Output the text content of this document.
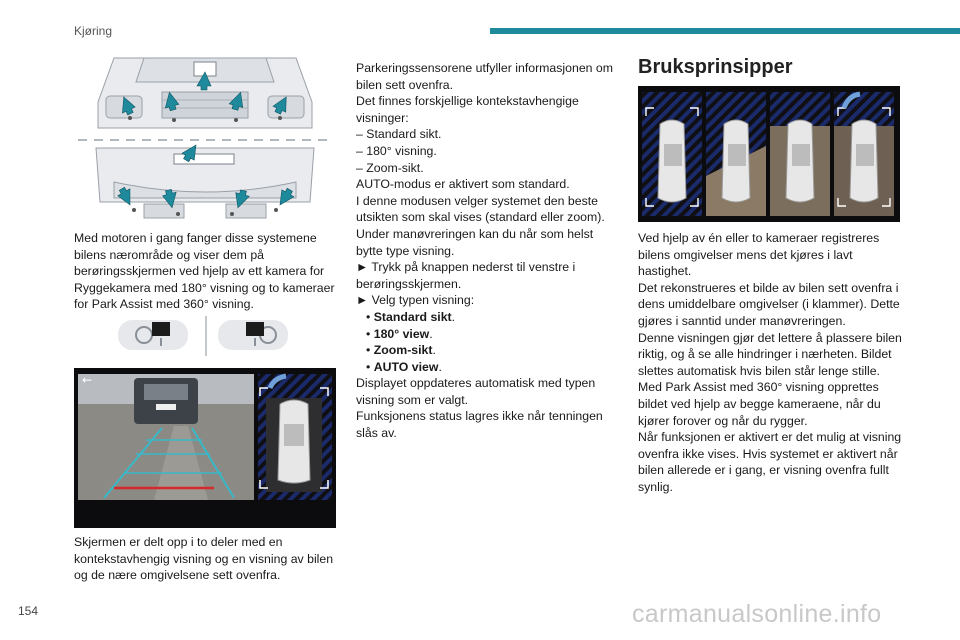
Kjøring

Med motoren i gang fanger disse systemene bilens nærområde og viser dem på berøringsskjermen ved hjelp av ett kamera for Ryggekamera med 180° visning og to kameraer for Park Assist med 360° visning.

←

Skjermen er delt opp i to deler med en kontekstavhengig visning og en visning av bilen og de nære omgivelsene sett ovenfra.

Parkeringssensorene utfyller informasjonen om bilen sett ovenfra.

Det finnes forskjellige kontekstavhengige visninger:

– Standard sikt.

– 180° visning.

– Zoom-sikt.

AUTO-modus er aktivert som standard.

I denne modusen velger systemet den beste utsikten som skal vises (standard eller zoom).

Under manøvreringen kan du når som helst bytte type visning.

► Trykk på knappen nederst til venstre i berøringsskjermen.

► Velg typen visning:

• Standard sikt.

• 180° view.

• Zoom-sikt.

• AUTO view.

Displayet oppdateres automatisk med typen visning som er valgt.

Funksjonens status lagres ikke når tenningen slås av.

Bruksprinsipper

Ved hjelp av én eller to kameraer registreres bilens omgivelser mens det kjøres i lavt hastighet.

Det rekonstrueres et bilde av bilen sett ovenfra i dens umiddelbare omgivelser (i klammer). Dette gjøres i sanntid under manøvreringen.

Denne visningen gjør det lettere å plassere bilen riktig, og å se alle hindringer i nærheten. Bildet slettes automatisk hvis bilen står lenge stille.

Med Park Assist med 360° visning opprettes bildet ved hjelp av begge kameraene, når du kjører forover og når du rygger.

Når funksjonen er aktivert er det mulig at visning ovenfra ikke vises. Hvis systemet er aktivert når bilen allerede er i gang, er visning ovenfra fullt synlig.

154	carmanualsonline.info
